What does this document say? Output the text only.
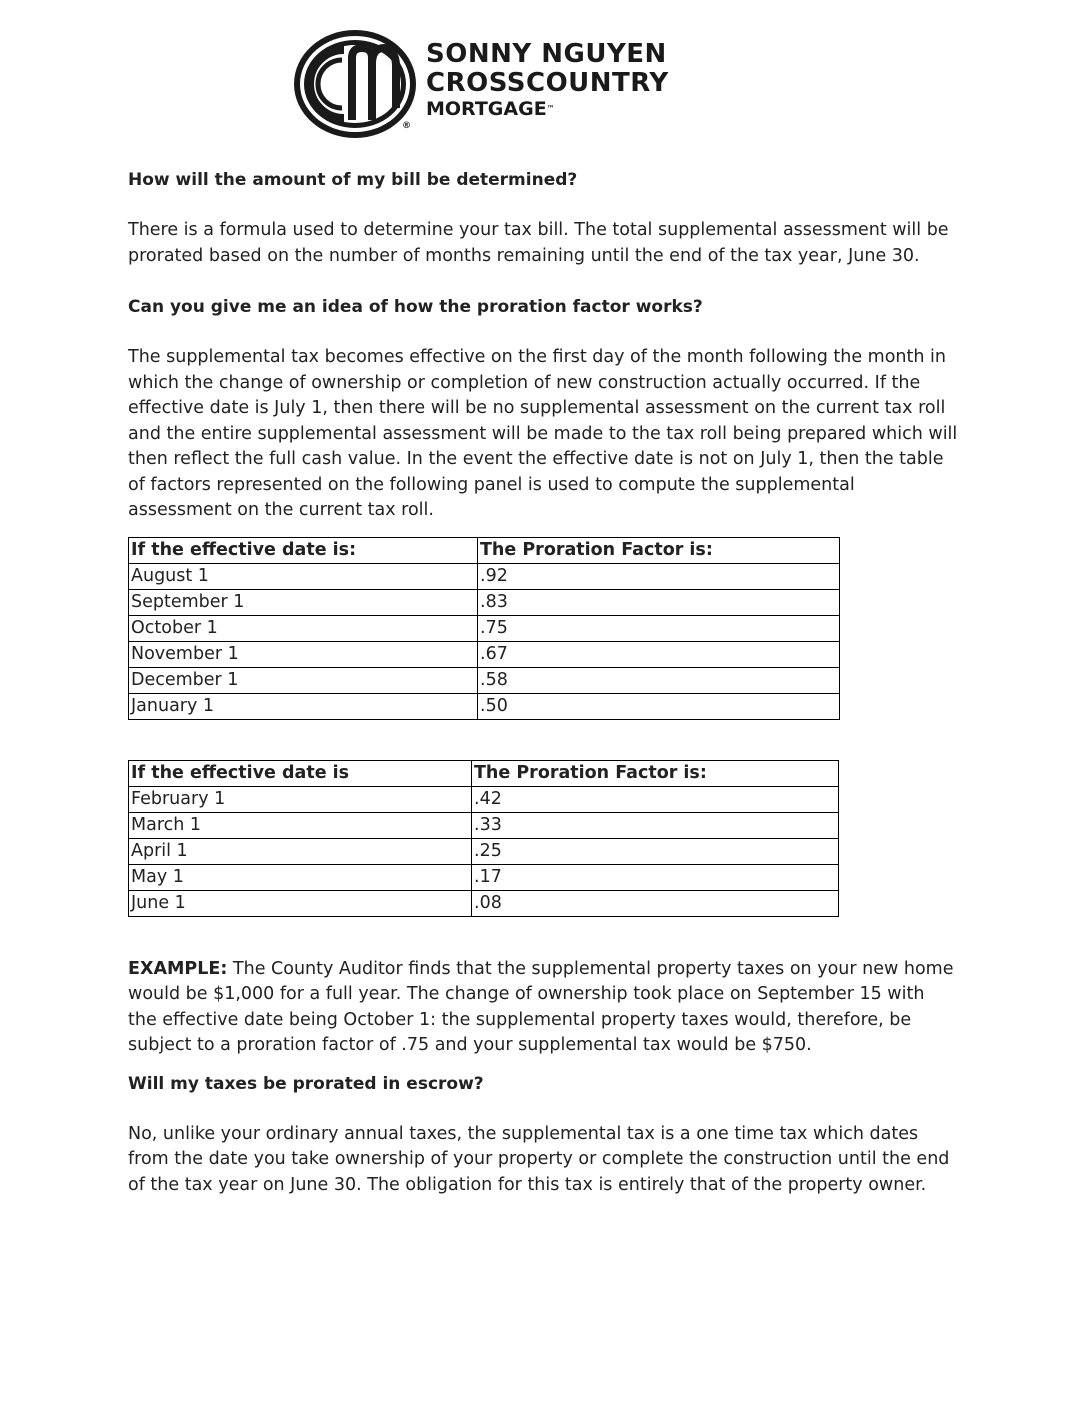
SONNY NGUYEN
CROSSCOUNTRY
MORTGAGE™
®

How will the amount of my bill be determined?

There is a formula used to determine your tax bill. The total supplemental assessment will be prorated based on the number of months remaining until the end of the tax year, June 30.

Can you give me an idea of how the proration factor works?

The supplemental tax becomes effective on the first day of the month following the month in which the change of ownership or completion of new construction actually occurred. If the effective date is July 1, then there will be no supplemental assessment on the current tax roll and the entire supplemental assessment will be made to the tax roll being prepared which will then reflect the full cash value. In the event the effective date is not on July 1, then the table of factors represented on the following panel is used to compute the supplemental assessment on the current tax roll.

If the effective date is:	The Proration Factor is:
August 1	.92
September 1	.83
October 1	.75
November 1	.67
December 1	.58
January 1	.50
If the effective date is	The Proration Factor is:
February 1	.42
March 1	.33
April 1	.25
May 1	.17
June 1	.08

EXAMPLE: The County Auditor finds that the supplemental property taxes on your new home would be $1,000 for a full year. The change of ownership took place on September 15 with the effective date being October 1: the supplemental property taxes would, therefore, be subject to a proration factor of .75 and your supplemental tax would be $750.

Will my taxes be prorated in escrow?

No, unlike your ordinary annual taxes, the supplemental tax is a one time tax which dates from the date you take ownership of your property or complete the construction until the end of the tax year on June 30. The obligation for this tax is entirely that of the property owner.
